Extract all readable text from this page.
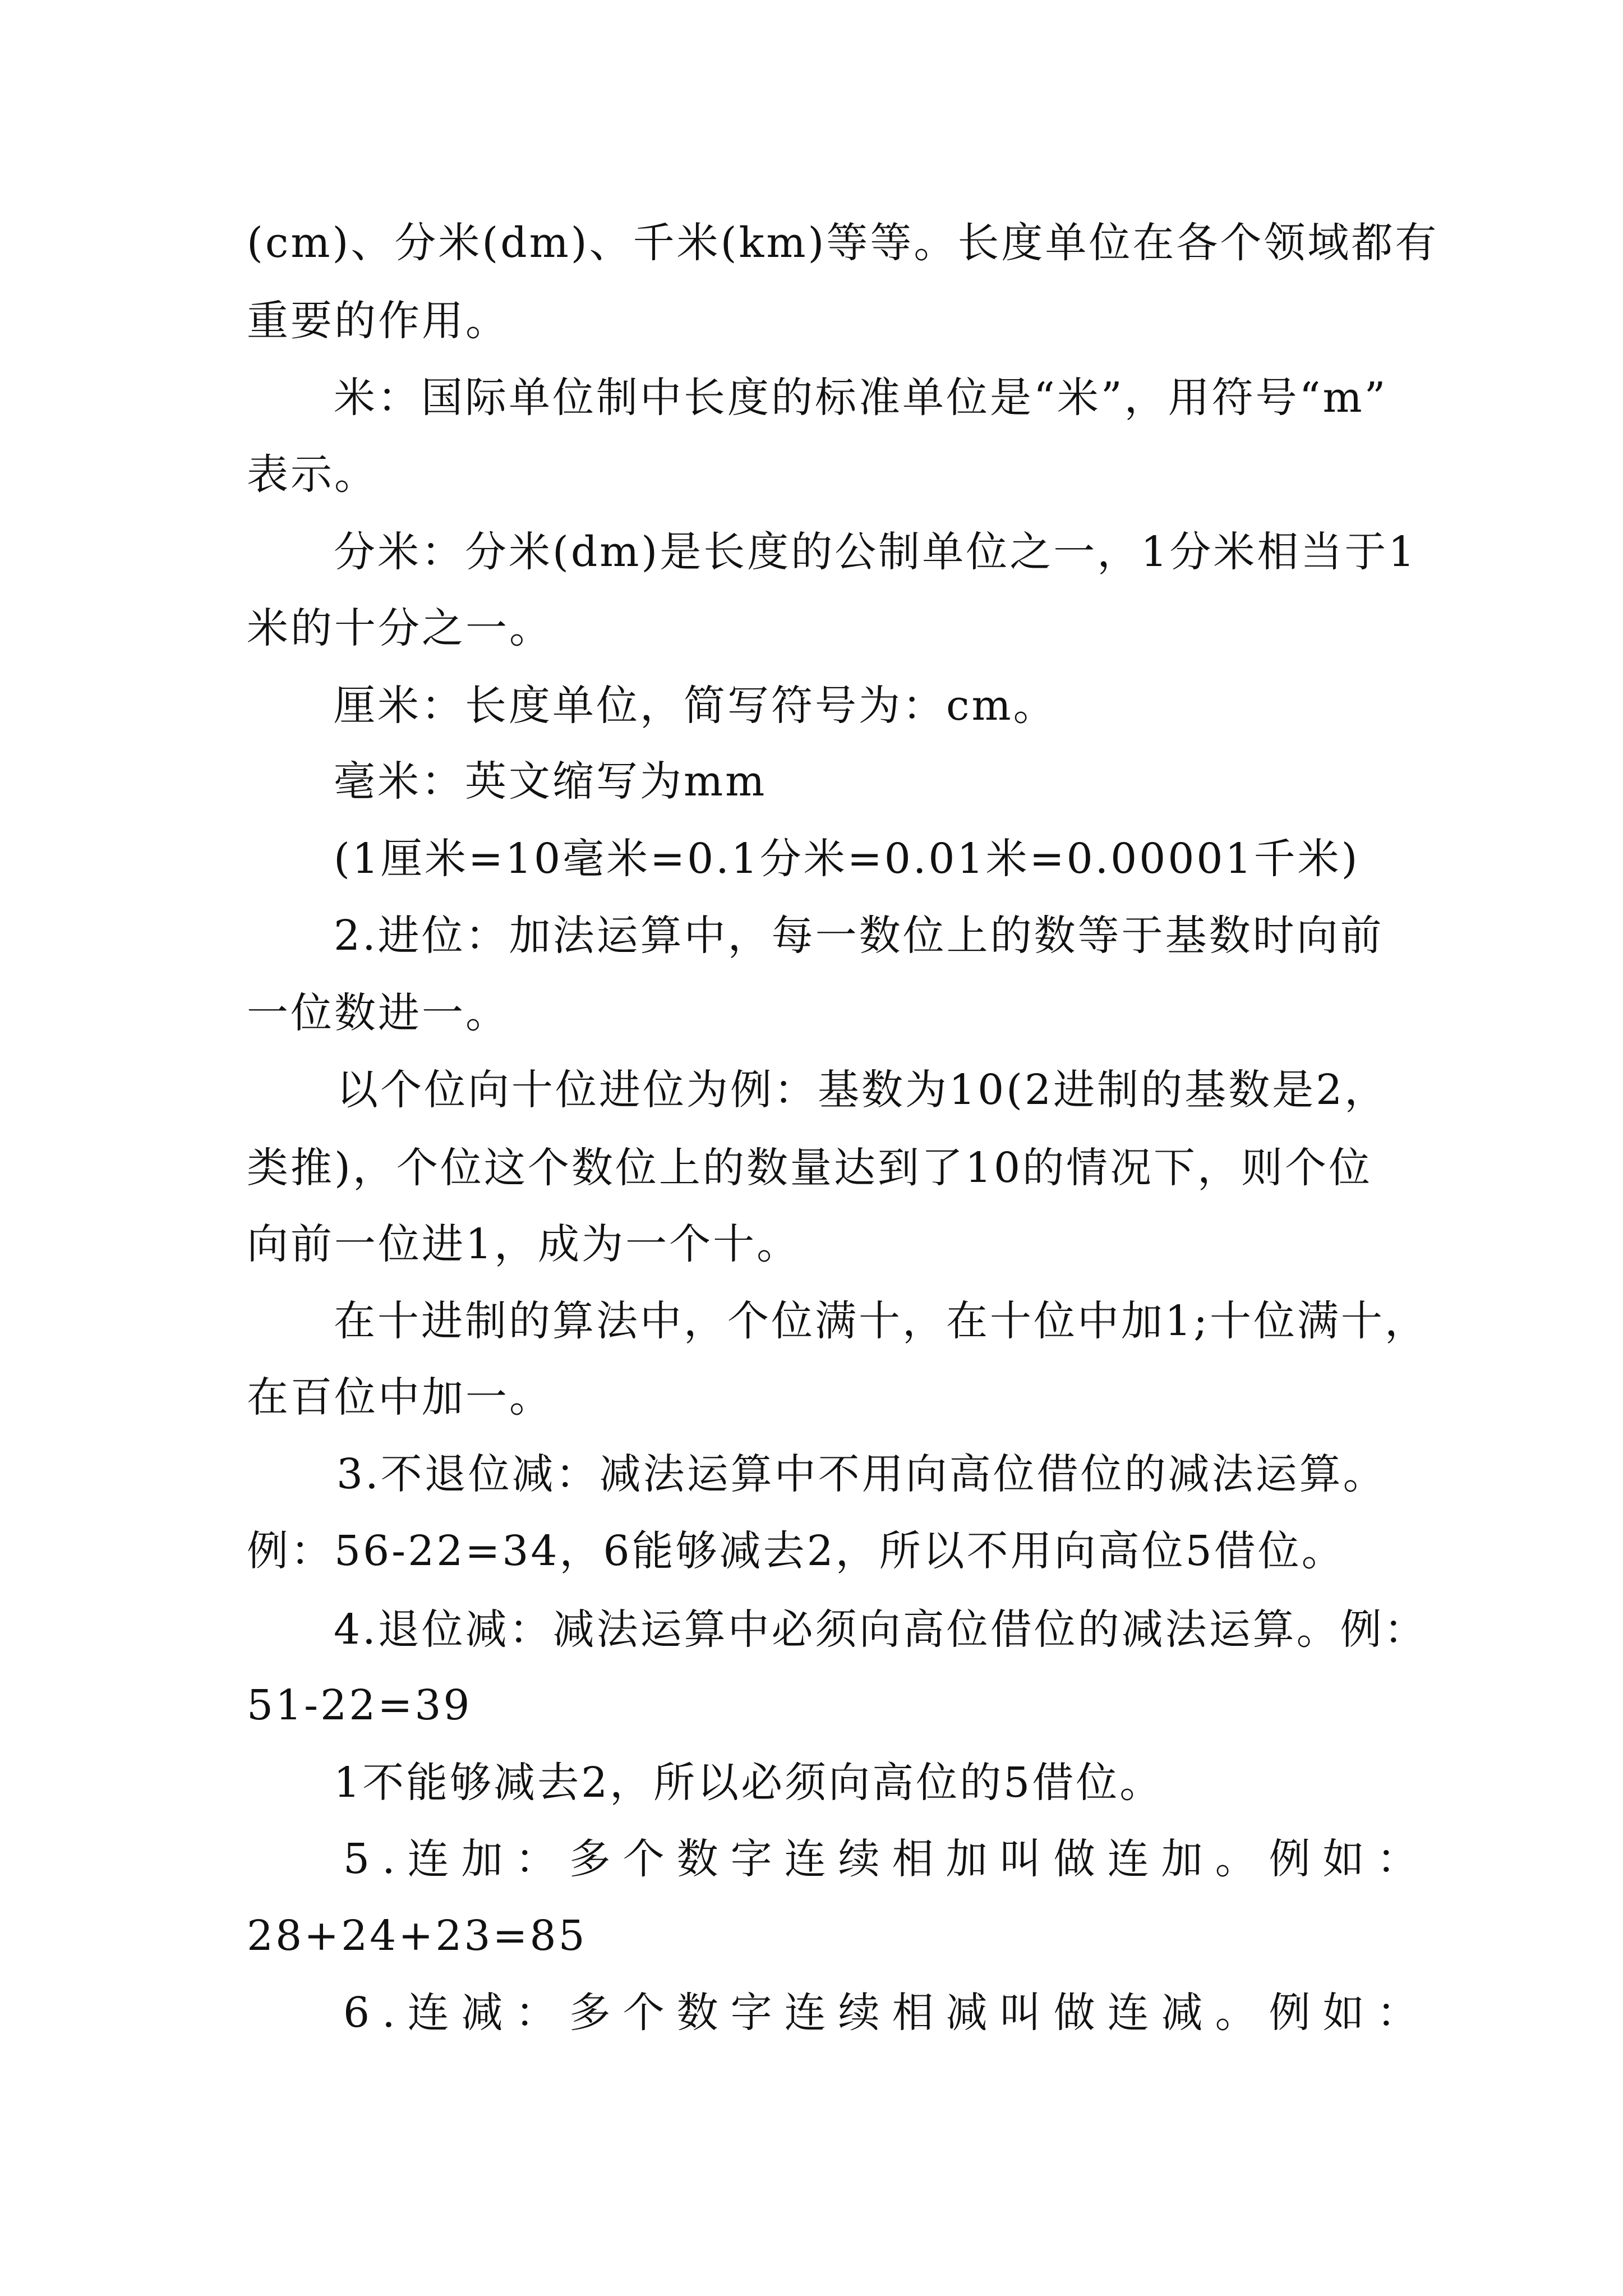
(cm)、分米(dm)、千米(km)等等。长度单位在各个领域都有
重要的作用。
米：国际单位制中长度的标准单位是“米”，用符号“m”
表示。
分米：分米(dm)是长度的公制单位之一，1分米相当于1
米的十分之一。
厘米：长度单位，简写符号为：cm。
毫米：英文缩写为mm
(1厘米=10毫米=0.1分米=0.01米=0.00001千米)
2.进位：加法运算中，每一数位上的数等于基数时向前
一位数进一。
以个位向十位进位为例：基数为10(2进制的基数是2，
类推)，个位这个数位上的数量达到了10的情况下，则个位
向前一位进1，成为一个十。
在十进制的算法中，个位满十，在十位中加1;十位满十，
在百位中加一。
3.不退位减：减法运算中不用向高位借位的减法运算。
例：56-22=34，6能够减去2，所以不用向高位5借位。
4.退位减：减法运算中必须向高位借位的减法运算。例：
51-22=39
1不能够减去2，所以必须向高位的5借位。
5.连加：多个数字连续相加叫做连加。例如：
28+24+23=85
6.连减：多个数字连续相减叫做连减。例如：
